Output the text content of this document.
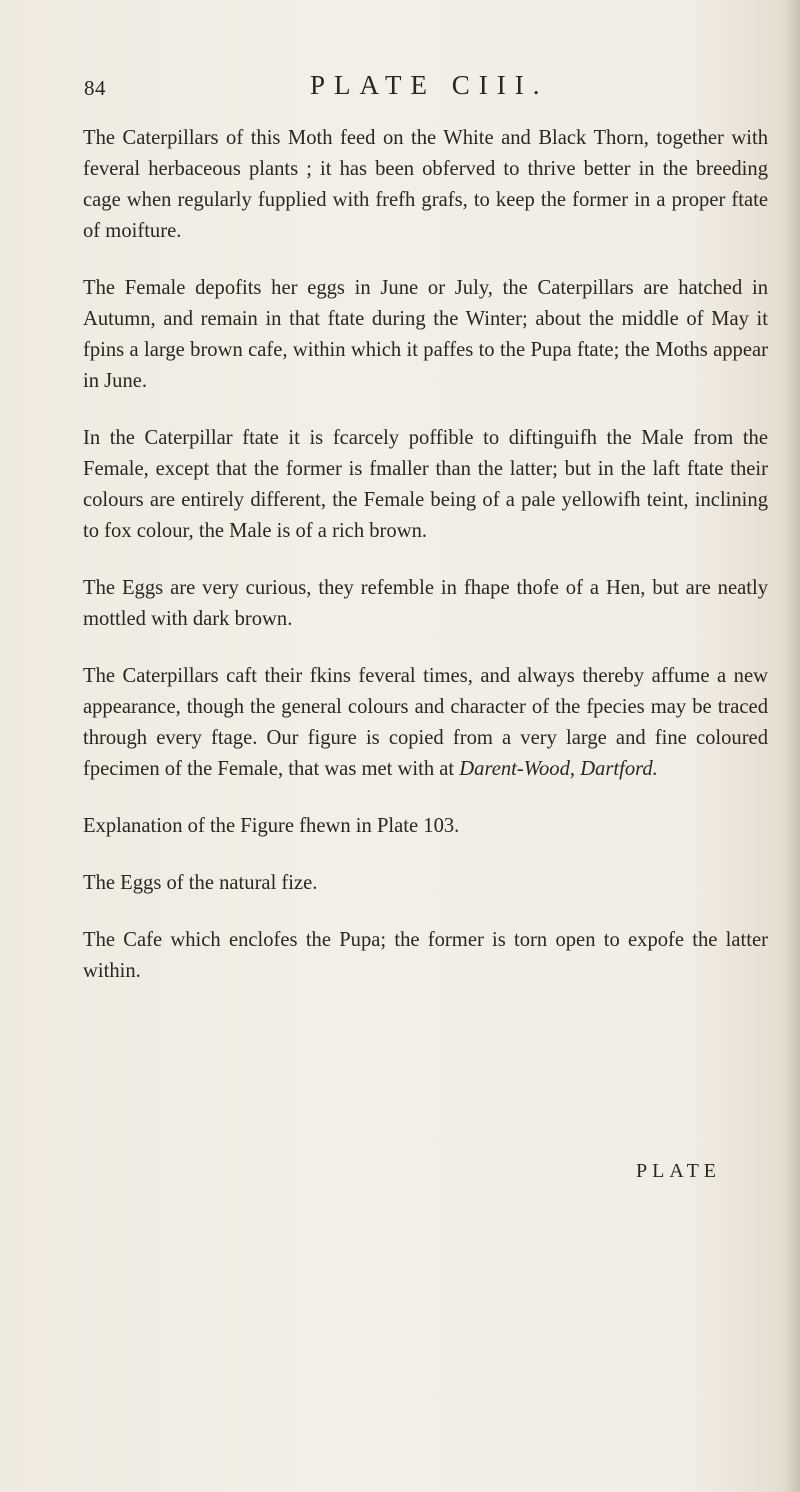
84	PLATE CIII.

The Caterpillars of this Moth feed on the White and Black Thorn, together with feveral herbaceous plants ; it has been obferved to thrive better in the breeding cage when regularly fupplied with frefh grafs, to keep the former in a proper ftate of moifture.

The Female depofits her eggs in June or July, the Caterpillars are hatched in Autumn, and remain in that ftate during the Winter; about the middle of May it fpins a large brown cafe, within which it paffes to the Pupa ftate; the Moths appear in June.

In the Caterpillar ftate it is fcarcely poffible to diftinguifh the Male from the Female, except that the former is fmaller than the latter; but in the laft ftate their colours are entirely different, the Female being of a pale yellowifh teint, inclining to fox colour, the Male is of a rich brown.

The Eggs are very curious, they refemble in fhape thofe of a Hen, but are neatly mottled with dark brown.

The Caterpillars caft their fkins feveral times, and always thereby affume a new appearance, though the general colours and character of the fpecies may be traced through every ftage. Our figure is copied from a very large and fine coloured fpecimen of the Female, that was met with at Darent-Wood, Dartford.

Explanation of the Figure fhewn in Plate 103.

The Eggs of the natural fize.

The Cafe which enclofes the Pupa; the former is torn open to expofe the latter within.

PLATE
